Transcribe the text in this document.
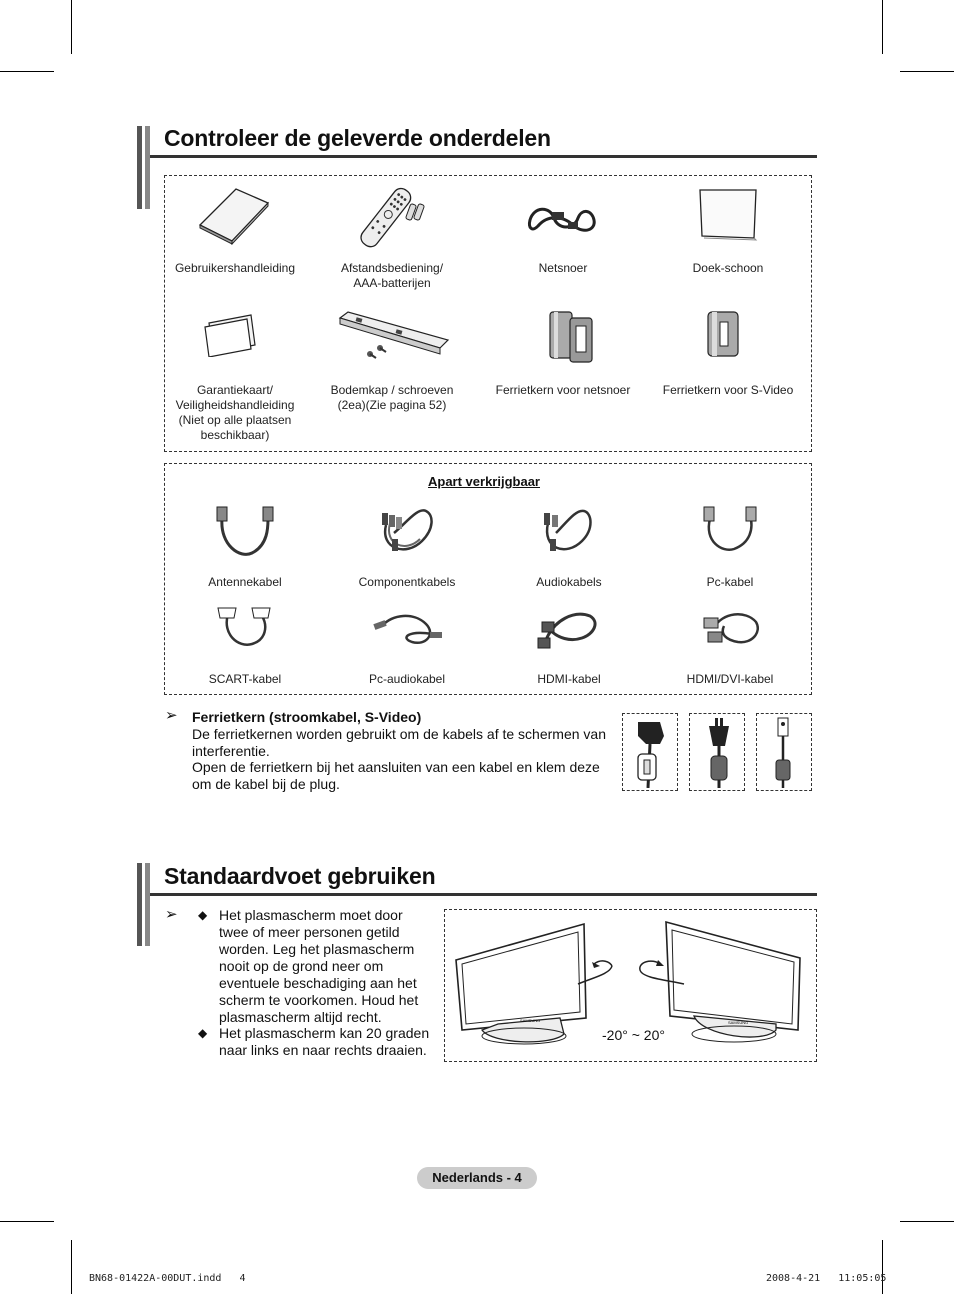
Controleer de geleverde onderdelen
Gebruikershandleiding	Afstandsbediening/
AAA-batterijen
Netsnoer	Doek-schoon
Garantiekaart/
Veiligheidshandleiding
(Niet op alle plaatsen
beschikbaar)
Bodemkap / schroeven
(2ea)(Zie pagina 52)
Ferrietkern voor netsnoer	Ferrietkern voor S-Video
Apart verkrijgbaar
Antennekabel	Componentkabels	Audiokabels	Pc-kabel
SCART-kabel	Pc-audiokabel	HDMI-kabel	HDMI/DVI-kabel
➢ Ferrietkern (stroomkabel, S-Video)
De ferrietkernen worden gebruikt om de kabels af te schermen van interferentie.
Open de ferrietkern bij het aansluiten van een kabel en klem deze om de kabel bij de plug.
Standaardvoet gebruiken
➢ ◆ Het plasmascherm moet door twee of meer personen getild worden. Leg het plasmascherm nooit op de grond neer om eventuele beschadiging aan het scherm te voorkomen. Houd het plasmascherm altijd recht.
◆ Het plasmascherm kan 20 graden naar links en naar rechts draaien.
SAMSUNG	SAMSUNG
-20° ~ 20°
Nederlands - 4
BN68-01422A-00DUT.indd   4	2008-4-21   11:05:05
